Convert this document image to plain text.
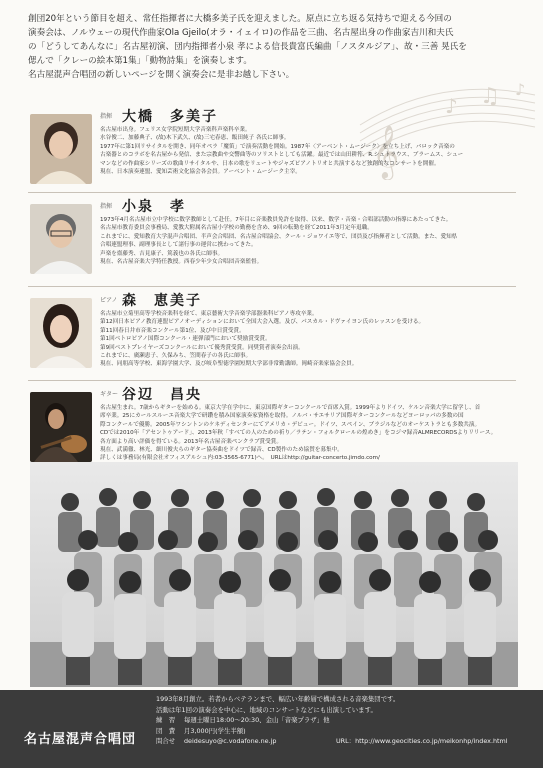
創団20年という節目を超え、常任指揮者に大橋多美子氏を迎えました。原点に立ち返る気持ちで迎える今回の

演奏会は、ノルウェーの現代作曲家Ola Gjeilo(オラ・イェイロ)の作品を三曲、名古屋出身の作曲家吉川和夫氏

の「どうしてあんなに」名古屋初演、団内指揮者小泉 孝による信長貴富氏編曲「ノスタルジア」、故・三善 晃氏を

偲んで「クレーの絵本第1集」「動物詩集」を演奏します。

名古屋混声合唱団の新しいページを開く演奏会に是非お越し下さい。

𝄞
♪ ♫ ♪
指揮 大橋　多美子

名古屋市出身。フェリス女学院短期大学音楽科声楽科卒業。

水谷俊二、加藤典子、(故)木下武久、(故)三宅春恵、飯田純子 各氏に師事。

1977年に第1回リサイタルを開き、同年オペラ「魔笛」で演奏活動を開始。1987年〈アーベント・ムージーク〉を立ち上げ、バロック音楽の

古楽器とのコラボを名古屋から発信、また宗教曲や交響曲等のソリストとしても活躍。最近では山田耕筰、R.シュトラウス、ブラームス、シュー

マンなどの作曲家シリーズの歌曲リサイタルや、日本の歌をリュートやジャズピアノトリオと共演するなど独創的なコンサートを開催。

現在、日本演奏連盟、愛知芸術文化協会各会員。アーベント・ムージーク主宰。

指揮 小泉　孝

1973年4月名古屋市立中学校に数学教師として赴任。7年目に音楽教員免許を取得、以来、数学・音楽・合唱部活動の指導にあたってきた。

名古屋市教育委員会事務局、愛教大附属名古屋小学校の勤務を含め、9回の転勤を経て2011年3月定年退職。

これまでに、愛知教育大学混声合唱団、半声会合唱団、名古屋合唱協会、クール・ジョワイエ等で、団員及び指揮者として活動。また、愛知県

合唱連盟理事、副理事長として諸行事の運営に携わってきた。

声楽を齋藤秀、吉見康子、篤義也の各氏に師事。

現在、名古屋音楽大学特任教授。西春少年少女合唱団音楽監督。

ピアノ 森　恵美子

名古屋市立菊里高等学校音楽科を経て、東京藝術大学音楽学部器楽科ピアノ専攻卒業。

第12回日本ピアノ教育連盟ピアノオーディションにおいて全国大会入選。及び、パスカル・ドヴァイヨン氏のレッスンを受ける。

第11回春日井市音楽コンクール第1位、及び中日賞受賞。

第1回ベトロピアノ国際コンクール・連弾部門において奨励賞受賞。

第9回ベストプレイヤーズコンクールにおいて優秀賞受賞。同奨賞者演奏会出演。

これまでに、廣瀬恵子、久保みち、笠間春子の各氏に師事。

現在、同朋高等学校、東海学園大学、及び岐阜聖徳学園短期大学部非常勤講師。岡崎音楽家協会会員。

ギター 谷辺　昌央

名古屋生まれ。7歳からギターを始める。東京大学在学中に、東京国際ギターコンクールで首席入賞。1999年よりドイツ、ケルン音楽大学に留学し、首

席卒業。25にカールスルーエ音楽大学で研鑽を積み国家演奏家資格を取得。ノルバ・サエサリア国際ギターコンクールなどヨーロッパの多数の国

際コンクールで優勝。2005年ワシントンのケネディセンターにてアメリカ・デビュー。ドイツ、スペイン、ブラジルなどのオーケストラとも多数共演。

CDでは2010年「アセントゥアード」、2013年秋「すべての人のための祈り／ラテン・フォルクロールの煌めき」をコジマ録音ALMRECORDSよりリリース。

各方面より高い評価を得ている。2013年名古屋音楽ペンクラブ賞受賞。

現在、武満徹、林光、細川俊夫らのギター協奏曲をドイツで録音、CD製作のため協賛を募集中。

詳しくは事務局(有限会社オフィスアルシュ内:03-3565-6771)へ。　URLはhttp://guitar-concerto.jimdo.com/

名古屋混声合唱団

1993年8月創立。若者からベテランまで、幅広い年齢層で構成される音楽集団です。

活動は年1回の演奏会を中心に、地域のコンサートなどにも出演しています。

練　習 毎週土曜日18:00〜20:30、金山「音楽プラザ」他

団　費 月3,000円(学生半額)

問合せ deidesuyo@c.vodafone.ne.jp	URL：http://www.geocities.co.jp/meikonhp/index.html
